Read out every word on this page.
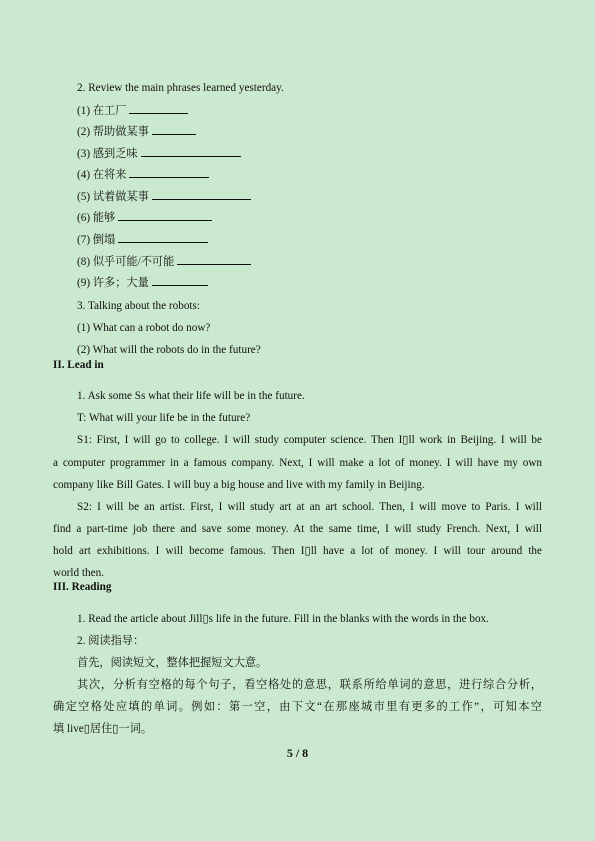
2. Review the main phrases learned yesterday.
(1) 在工厂
(2) 帮助做某事
(3) 感到乏味
(4) 在将来
(5) 试着做某事
(6) 能够
(7) 倒塌
(8) 似乎可能/不可能
(9) 许多；大量
3. Talking about the robots:
(1) What can a robot do now?
(2) What will the robots do in the future?
II. Lead in
1. Ask some Ss what their life will be in the future.
T: What will your life be in the future?
S1: First, I will go to college. I will study computer science. Then I▯ll work in Beijing. I will be
a computer programmer in a famous company. Next, I will make a lot of money. I will have my own
company like Bill Gates. I will buy a big house and live with my family in Beijing.
S2: I will be an artist. First, I will study art at an art school. Then, I will move to Paris. I will
find a part-time job there and save some money. At the same time, I will study French. Next, I will
hold art exhibitions. I will become famous. Then I▯ll have a lot of money. I will tour around the
world then.
III. Reading
1. Read the article about Jill▯s life in the future. Fill in the blanks with the words in the box.
2. 阅读指导：
首先，阅读短文，整体把握短文大意。
其次，分析有空格的每个句子，看空格处的意思，联系所给单词的意思，进行综合分析，
确定空格处应填的单词。例如：第一空，由下文“在那座城市里有更多的工作”，可知本空
填 live▯居住▯一词。
5 / 8
